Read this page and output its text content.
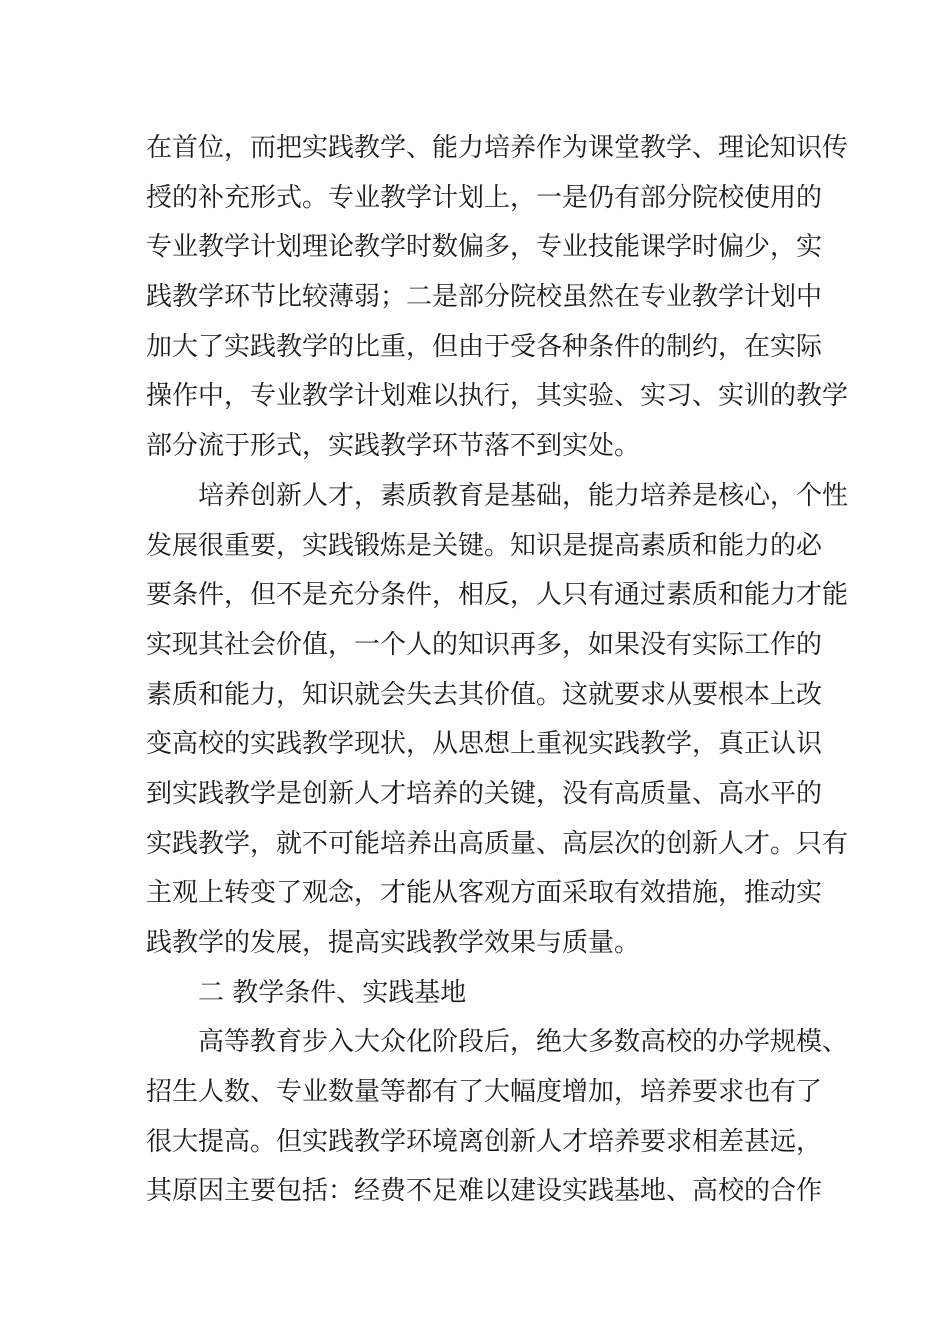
在首位，而把实践教学、能力培养作为课堂教学、理论知识传
授的补充形式。专业教学计划上，一是仍有部分院校使用的
专业教学计划理论教学时数偏多，专业技能课学时偏少，实
践教学环节比较薄弱；二是部分院校虽然在专业教学计划中
加大了实践教学的比重，但由于受各种条件的制约，在实际
操作中，专业教学计划难以执行，其实验、实习、实训的教学
部分流于形式，实践教学环节落不到实处。
培养创新人才，素质教育是基础，能力培养是核心，个性
发展很重要，实践锻炼是关键。知识是提高素质和能力的必
要条件，但不是充分条件，相反，人只有通过素质和能力才能
实现其社会价值，一个人的知识再多，如果没有实际工作的
素质和能力，知识就会失去其价值。这就要求从要根本上改
变高校的实践教学现状，从思想上重视实践教学，真正认识
到实践教学是创新人才培养的关键，没有高质量、高水平的
实践教学，就不可能培养出高质量、高层次的创新人才。只有
主观上转变了观念，才能从客观方面采取有效措施，推动实
践教学的发展，提高实践教学效果与质量。
二 教学条件、实践基地
高等教育步入大众化阶段后，绝大多数高校的办学规模、
招生人数、专业数量等都有了大幅度增加，培养要求也有了
很大提高。但实践教学环境离创新人才培养要求相差甚远，
其原因主要包括：经费不足难以建设实践基地、高校的合作
